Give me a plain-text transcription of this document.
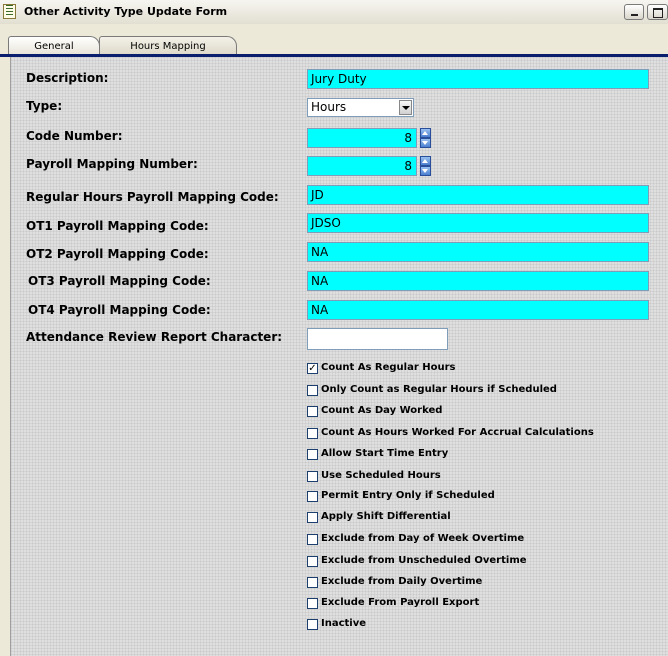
Other Activity Type Update Form
General	Hours Mapping
Description:
Type:
Code Number:
Payroll Mapping Number:
Regular Hours Payroll Mapping Code:
OT1 Payroll Mapping Code:
OT2 Payroll Mapping Code:
OT3 Payroll Mapping Code:
OT4 Payroll Mapping Code:
Attendance Review Report Character:
Jury Duty
Hours
8
8
JD
JDSO
NA
NA
NA
✓ Count As Regular Hours
Only Count as Regular Hours if Scheduled
Count As Day Worked
Count As Hours Worked For Accrual Calculations
Allow Start Time Entry
Use Scheduled Hours
Permit Entry Only if Scheduled
Apply Shift Differential
Exclude from Day of Week Overtime
Exclude from Unscheduled Overtime
Exclude from Daily Overtime
Exclude From Payroll Export
Inactive
